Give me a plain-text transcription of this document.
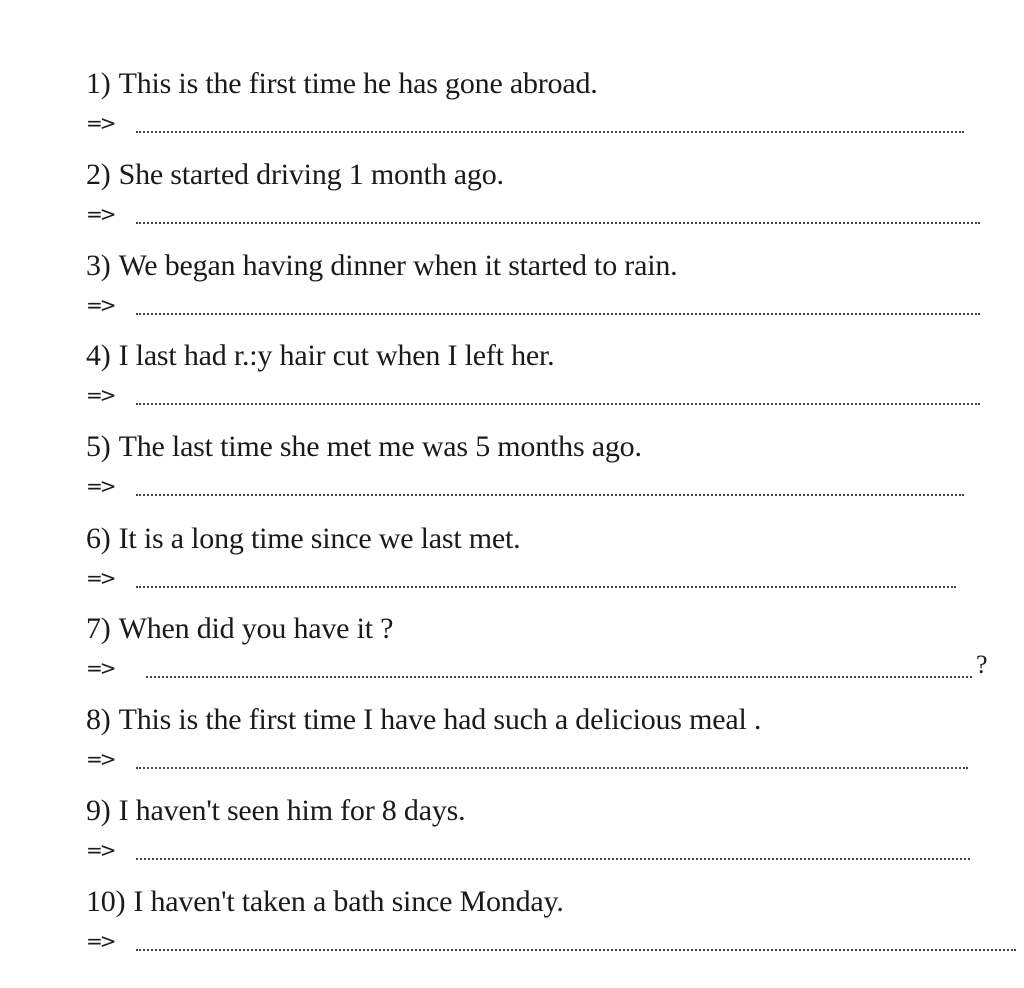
1) This is the first time he has gone abroad.
=>
2) She started driving 1 month ago.
=>
3) We began having dinner when it started to rain.
=>
4) I last had r.:y hair cut when I left her.
=>
5) The last time she met me was 5 months ago.
=>
6) It is a long time since we last met.
=>
7) When did you have it ?
=>	?
8) This is the first time I have had such a delicious meal .
=>
9) I haven't seen him for 8 days.
=>
10) I haven't taken a bath since Monday.
=>
